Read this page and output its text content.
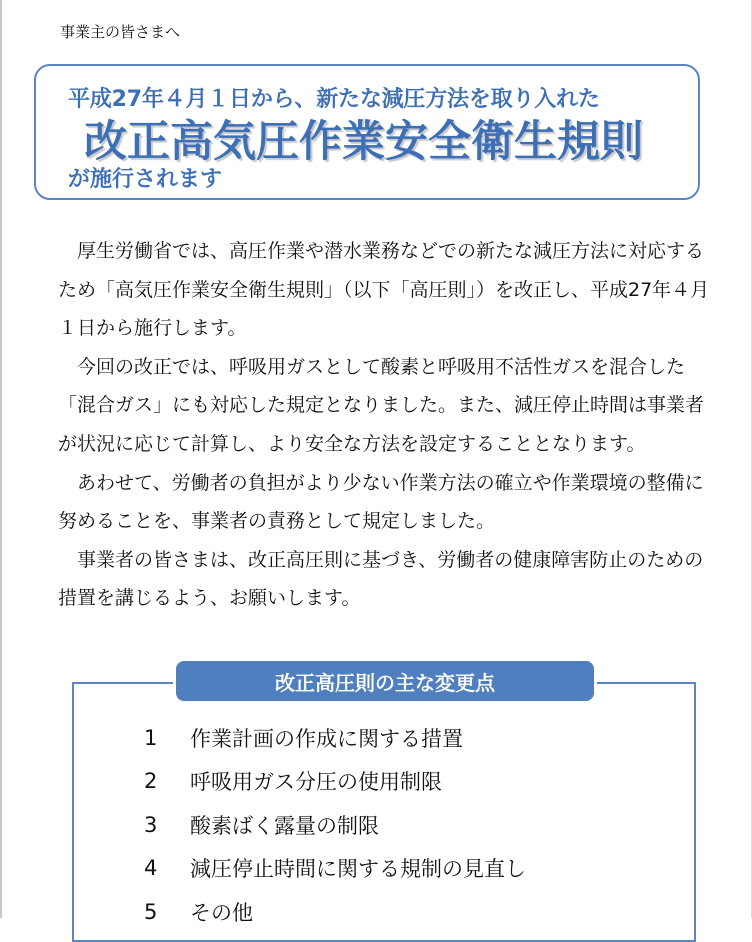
事業主の皆さまへ
平成27年４月１日から、新たな減圧方法を取り入れた
改正高気圧作業安全衛生規則
が施行されます

厚生労働省では、高圧作業や潜水業務などでの新たな減圧方法に対応するため「高気圧作業安全衛生規則」（以下「高圧則」）を改正し、平成27年４月１日から施行します。

今回の改正では、呼吸用ガスとして酸素と呼吸用不活性ガスを混合した「混合ガス」にも対応した規定となりました。また、減圧停止時間は事業者が状況に応じて計算し、より安全な方法を設定することとなります。

あわせて、労働者の負担がより少ない作業方法の確立や作業環境の整備に努めることを、事業者の責務として規定しました。

事業者の皆さまは、改正高圧則に基づき、労働者の健康障害防止のための措置を講じるよう、お願いします。

改正高圧則の主な変更点
1	作業計画の作成に関する措置
2	呼吸用ガス分圧の使用制限
3	酸素ばく露量の制限
4	減圧停止時間に関する規制の見直し
5	その他
